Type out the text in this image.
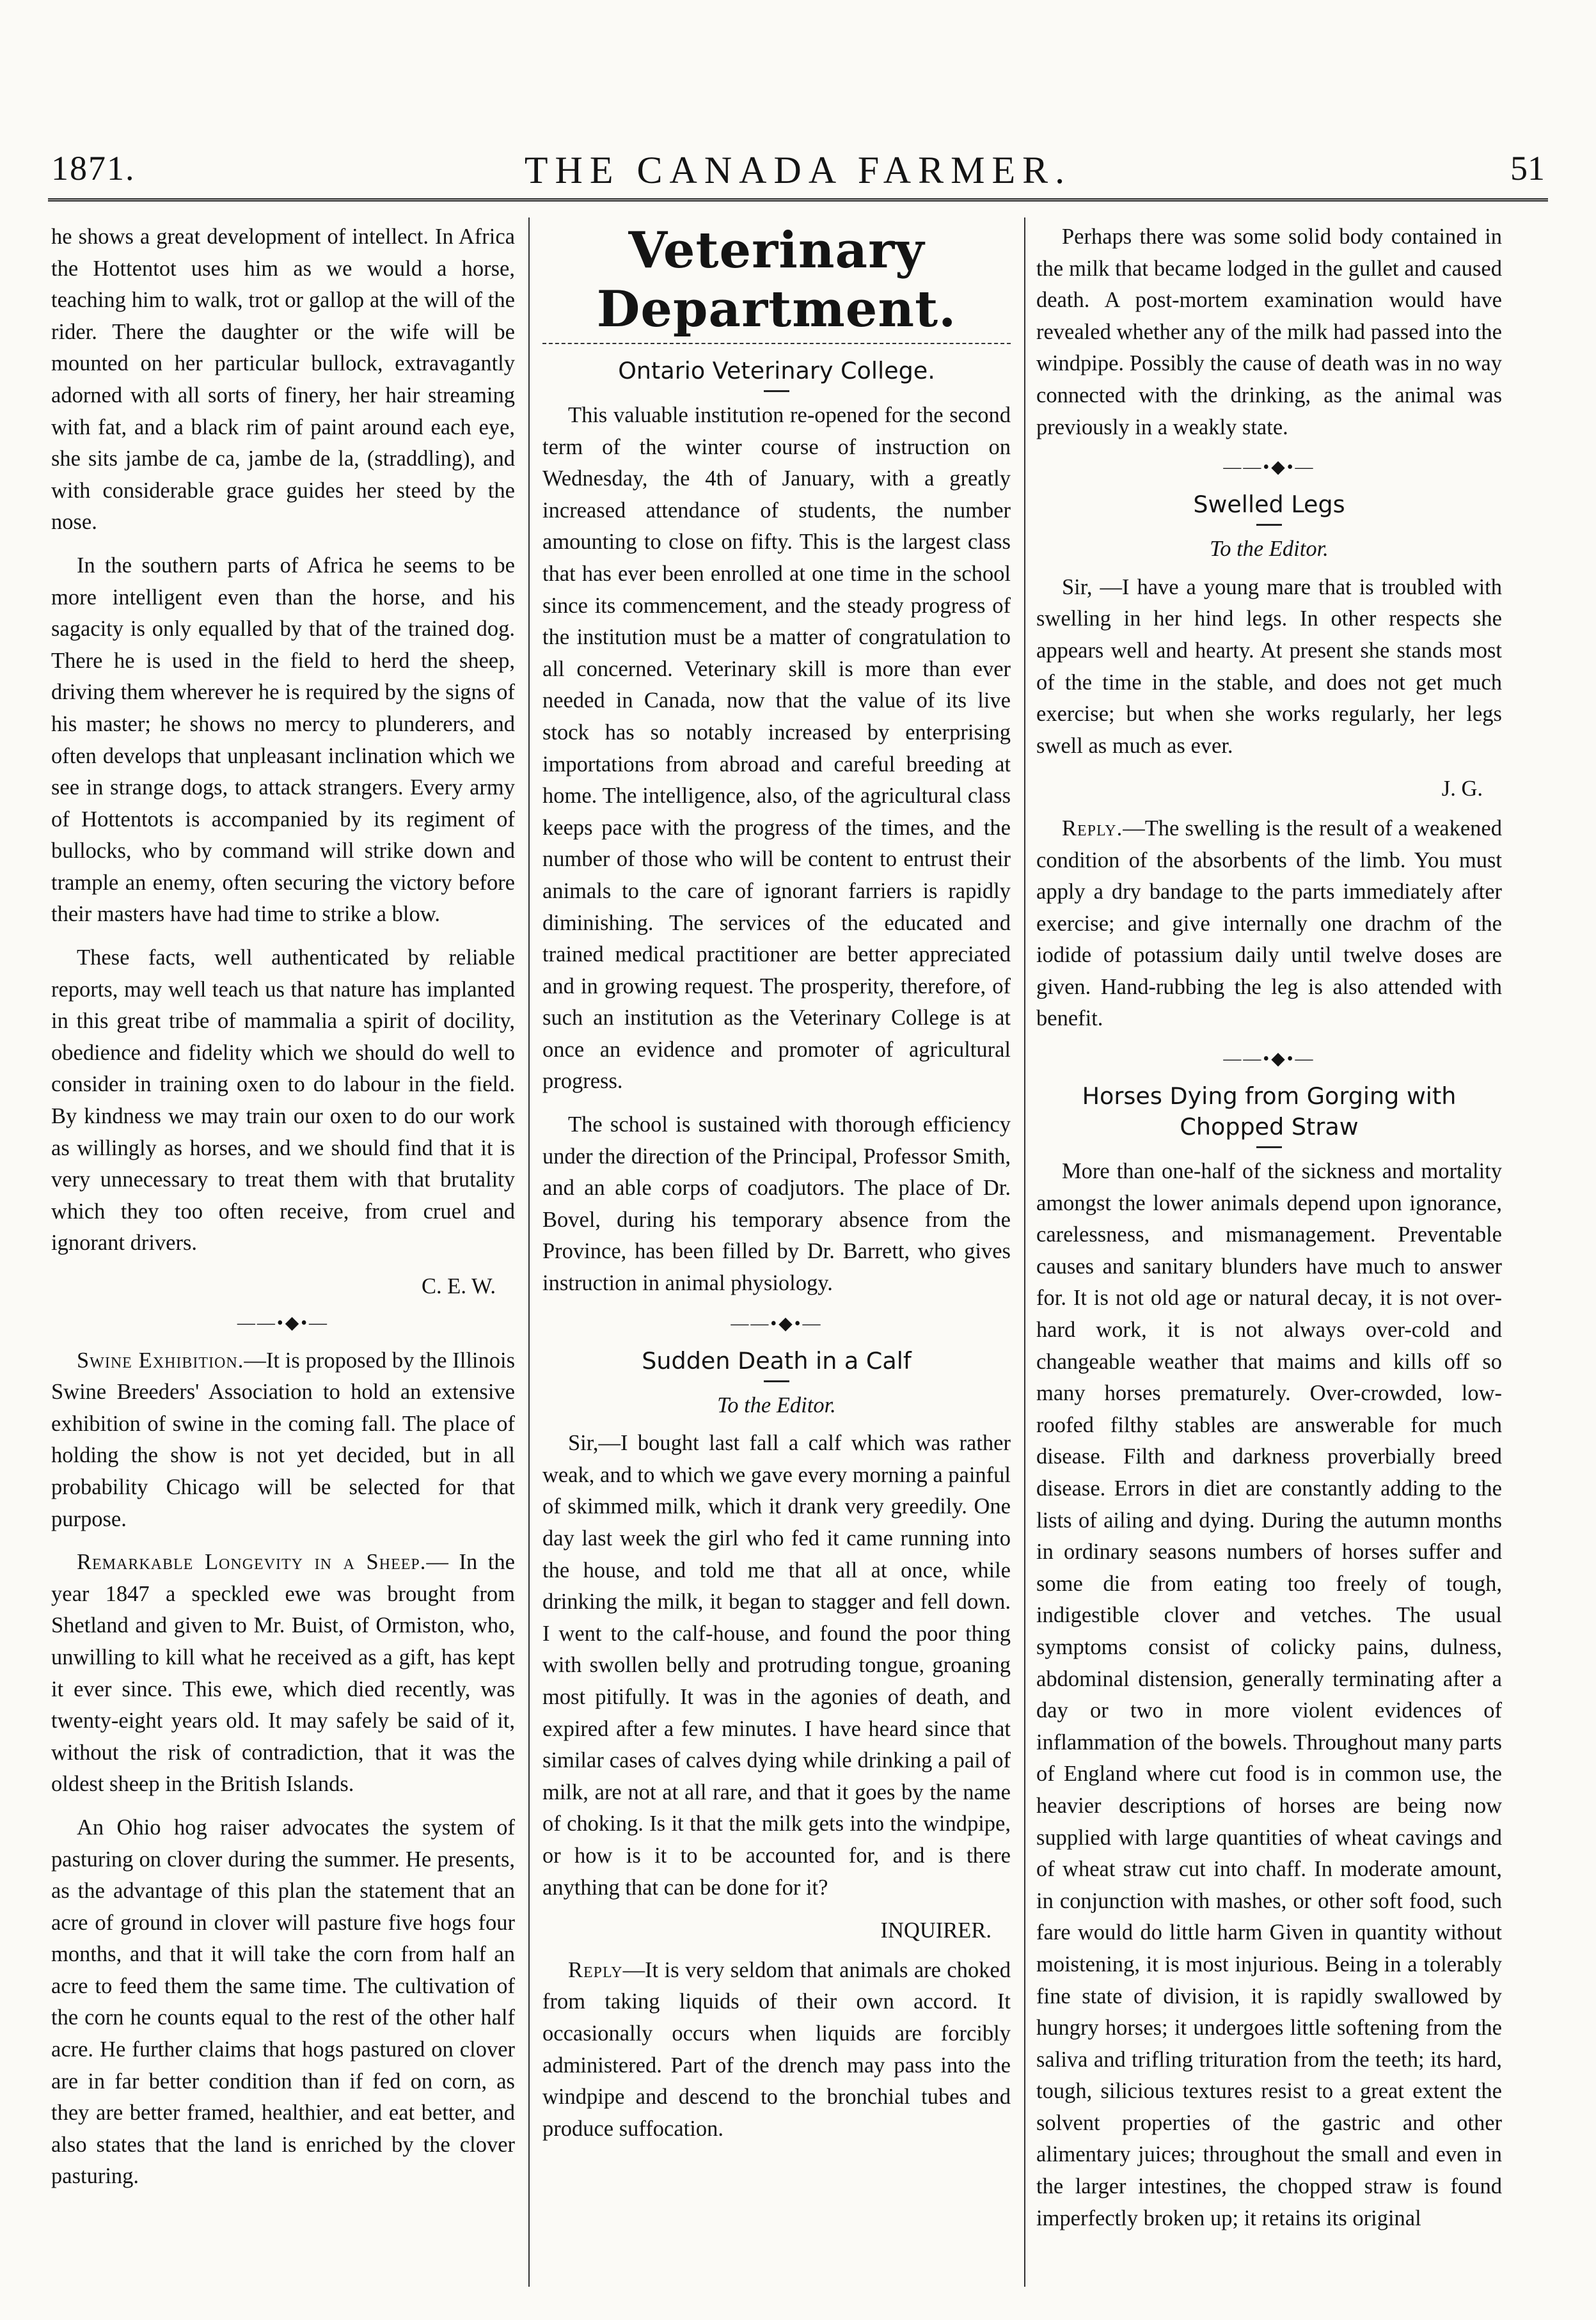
1871.	THE CANADA FARMER.	51

he shows a great development of intellect. In Africa the Hottentot uses him as we would a horse, teaching him to walk, trot or gallop at the will of the rider. There the daughter or the wife will be mounted on her particular bullock, extravagantly adorned with all sorts of finery, her hair streaming with fat, and a black rim of paint around each eye, she sits jambe de ca, jambe de la, (straddling), and with considerable grace guides her steed by the nose.

In the southern parts of Africa he seems to be more intelligent even than the horse, and his sagacity is only equalled by that of the trained dog. There he is used in the field to herd the sheep, driving them wherever he is required by the signs of his master; he shows no mercy to plunderers, and often develops that unpleasant inclination which we see in strange dogs, to attack strangers. Every army of Hottentots is accompanied by its regiment of bullocks, who by command will strike down and trample an enemy, often securing the victory before their masters have had time to strike a blow.

These facts, well authenticated by reliable reports, may well teach us that nature has implanted in this great tribe of mammalia a spirit of docility, obedience and fidelity which we should do well to consider in training oxen to do labour in the field. By kindness we may train our oxen to do our work as willingly as horses, and we should find that it is very unnecessary to treat them with that brutality which they too often receive, from cruel and ignorant drivers.

C. E. W.
——•◆•—

Swine Exhibition.—It is proposed by the Illinois Swine Breeders' Association to hold an extensive exhibition of swine in the coming fall. The place of holding the show is not yet decided, but in all probability Chicago will be selected for that purpose.

Remarkable Longevity in a Sheep.— In the year 1847 a speckled ewe was brought from Shetland and given to Mr. Buist, of Ormiston, who, unwilling to kill what he received as a gift, has kept it ever since. This ewe, which died recently, was twenty-eight years old. It may safely be said of it, without the risk of contradiction, that it was the oldest sheep in the British Islands.

An Ohio hog raiser advocates the system of pasturing on clover during the summer. He presents, as the advantage of this plan the statement that an acre of ground in clover will pasture five hogs four months, and that it will take the corn from half an acre to feed them the same time. The cultivation of the corn he counts equal to the rest of the other half acre. He further claims that hogs pastured on clover are in far better condition than if fed on corn, as they are better framed, healthier, and eat better, and also states that the land is enriched by the clover pasturing.

Veterinary Department.
Ontario Veterinary College.

This valuable institution re-opened for the second term of the winter course of instruction on Wednesday, the 4th of January, with a greatly increased attendance of students, the number amounting to close on fifty. This is the largest class that has ever been enrolled at one time in the school since its commencement, and the steady progress of the institution must be a matter of congratulation to all concerned. Veterinary skill is more than ever needed in Canada, now that the value of its live stock has so notably increased by enterprising importations from abroad and careful breeding at home. The intelligence, also, of the agricultural class keeps pace with the progress of the times, and the number of those who will be content to entrust their animals to the care of ignorant farriers is rapidly diminishing. The services of the educated and trained medical practitioner are better appreciated and in growing request. The prosperity, therefore, of such an institution as the Veterinary College is at once an evidence and promoter of agricultural progress.

The school is sustained with thorough efficiency under the direction of the Principal, Professor Smith, and an able corps of coadjutors. The place of Dr. Bovel, during his temporary absence from the Province, has been filled by Dr. Barrett, who gives instruction in animal physiology.

——•◆•—
Sudden Death in a Calf
To the Editor.

Sir,—I bought last fall a calf which was rather weak, and to which we gave every morning a painful of skimmed milk, which it drank very greedily. One day last week the girl who fed it came running into the house, and told me that all at once, while drinking the milk, it began to stagger and fell down. I went to the calf-house, and found the poor thing with swollen belly and protruding tongue, groaning most pitifully. It was in the agonies of death, and expired after a few minutes. I have heard since that similar cases of calves dying while drinking a pail of milk, are not at all rare, and that it goes by the name of choking. Is it that the milk gets into the windpipe, or how is it to be accounted for, and is there anything that can be done for it?

INQUIRER.

Reply—It is very seldom that animals are choked from taking liquids of their own accord. It occasionally occurs when liquids are forcibly administered. Part of the drench may pass into the windpipe and descend to the bronchial tubes and produce suffocation.

Perhaps there was some solid body contained in the milk that became lodged in the gullet and caused death. A post-mortem examination would have revealed whether any of the milk had passed into the windpipe. Possibly the cause of death was in no way connected with the drinking, as the animal was previously in a weakly state.

——•◆•—
Swelled Legs
To the Editor.

Sir, —I have a young mare that is troubled with swelling in her hind legs. In other respects she appears well and hearty. At present she stands most of the time in the stable, and does not get much exercise; but when she works regularly, her legs swell as much as ever.

J. G.

Reply.—The swelling is the result of a weakened condition of the absorbents of the limb. You must apply a dry bandage to the parts immediately after exercise; and give internally one drachm of the iodide of potassium daily until twelve doses are given. Hand-rubbing the leg is also attended with benefit.

——•◆•—
Horses Dying from Gorging with Chopped Straw

More than one-half of the sickness and mortality amongst the lower animals depend upon ignorance, carelessness, and mismanagement. Preventable causes and sanitary blunders have much to answer for. It is not old age or natural decay, it is not over-hard work, it is not always over-cold and changeable weather that maims and kills off so many horses prematurely. Over-crowded, low-roofed filthy stables are answerable for much disease. Filth and darkness proverbially breed disease. Errors in diet are constantly adding to the lists of ailing and dying. During the autumn months in ordinary seasons numbers of horses suffer and some die from eating too freely of tough, indigestible clover and vetches. The usual symptoms consist of colicky pains, dulness, abdominal distension, generally terminating after a day or two in more violent evidences of inflammation of the bowels. Throughout many parts of England where cut food is in common use, the heavier descriptions of horses are being now supplied with large quantities of wheat cavings and of wheat straw cut into chaff. In moderate amount, in conjunction with mashes, or other soft food, such fare would do little harm Given in quantity without moistening, it is most injurious. Being in a tolerably fine state of division, it is rapidly swallowed by hungry horses; it undergoes little softening from the saliva and trifling trituration from the teeth; its hard, tough, silicious textures resist to a great extent the solvent properties of the gastric and other alimentary juices; throughout the small and even in the larger intestines, the chopped straw is found imperfectly broken up; it retains its original
